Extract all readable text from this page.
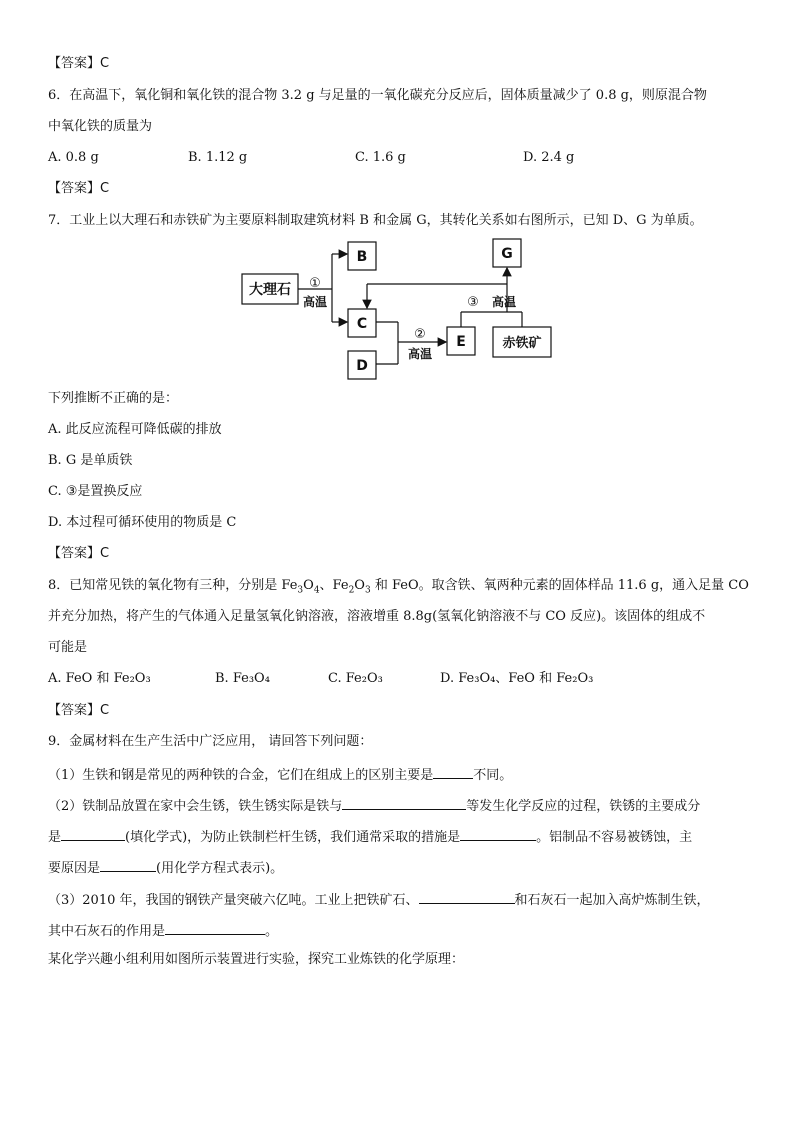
【答案】C
6．在高温下，氧化铜和氧化铁的混合物 3.2 g 与足量的一氧化碳充分反应后，固体质量减少了 0.8 g，则原混合物
中氧化铁的质量为
A. 0.8 g	B. 1.12 g	C. 1.6 g	D. 2.4 g
【答案】C
7．工业上以大理石和赤铁矿为主要原料制取建筑材料 B 和金属 G，其转化关系如右图所示，已知 D、G 为单质。
大理石
B
C
D
E
G
赤铁矿
①
高温
②
高温
③ 高温
下列推断不正确的是：
A. 此反应流程可降低碳的排放
B. G 是单质铁
C. ③是置换反应
D. 本过程可循环使用的物质是 C
【答案】C
8．已知常见铁的氧化物有三种，分别是 $Fe_3O_4$、$Fe_2O_3$ 和 FeO。取含铁、氧两种元素的固体样品 11.6 g，通入足量 CO
并充分加热，将产生的气体通入足量氢氧化钠溶液，溶液增重 8.8g(氢氧化钠溶液不与 CO 反应)。该固体的组成不
可能是
A. FeO 和 Fe₂O₃	B. Fe₃O₄	C. Fe₂O₃	D. Fe₃O₄、FeO 和 Fe₂O₃
【答案】C
9．金属材料在生产生活中广泛应用， 请回答下列问题：
（1）生铁和钢是常见的两种铁的合金，它们在组成上的区别主要是	不同。
（2）铁制品放置在家中会生锈，铁生锈实际是铁与	等发生化学反应的过程，铁锈的主要成分
是	(填化学式)，为防止铁制栏杆生锈，我们通常采取的措施是	。铝制品不容易被锈蚀，主
要原因是	(用化学方程式表示)。
（3）2010 年，我国的钢铁产量突破六亿吨。工业上把铁矿石、	和石灰石一起加入高炉炼制生铁，
其中石灰石的作用是	。
某化学兴趣小组利用如图所示装置进行实验，探究工业炼铁的化学原理：
